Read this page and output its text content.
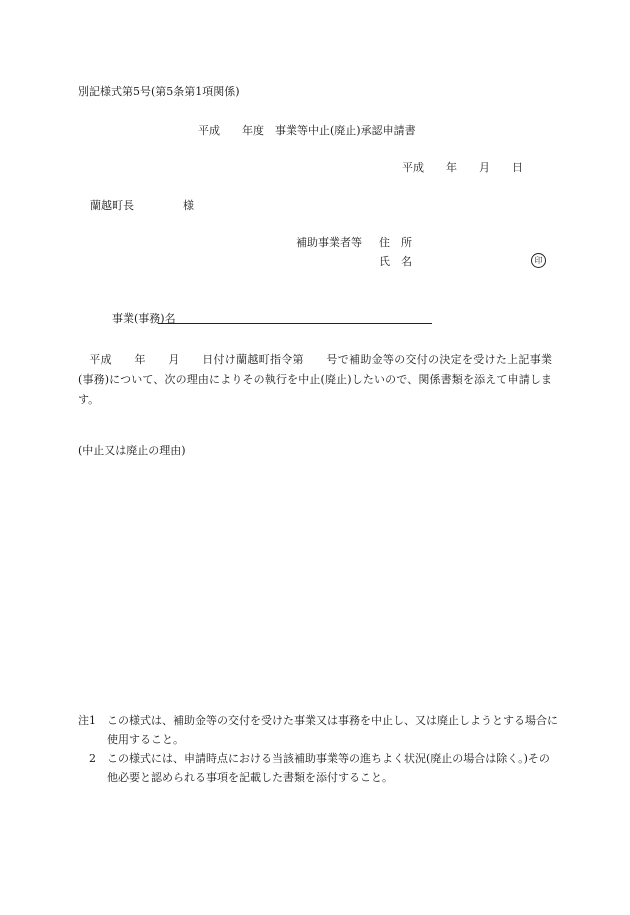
別記様式第5号(第5条第1項関係)
平成　　年度　事業等中止(廃止)承認申請書
平成　　年　　月　　日
蘭越町長	様
補助事業者等 住　所
氏　名	印
事業(事務)名
平成　　年　　月　　日付け蘭越町指令第　　号で補助金等の交付の決定を受けた上記事業(事務)について、次の理由によりその執行を中止(廃止)したいので、関係書類を添えて申請します。
(中止又は廃止の理由)
注1	この様式は、補助金等の交付を受けた事業又は事務を中止し、又は廃止しようとする場合に使用すること。
2	この様式には、申請時点における当該補助事業等の進ちよく状況(廃止の場合は除く。)その他必要と認められる事項を記載した書類を添付すること。
